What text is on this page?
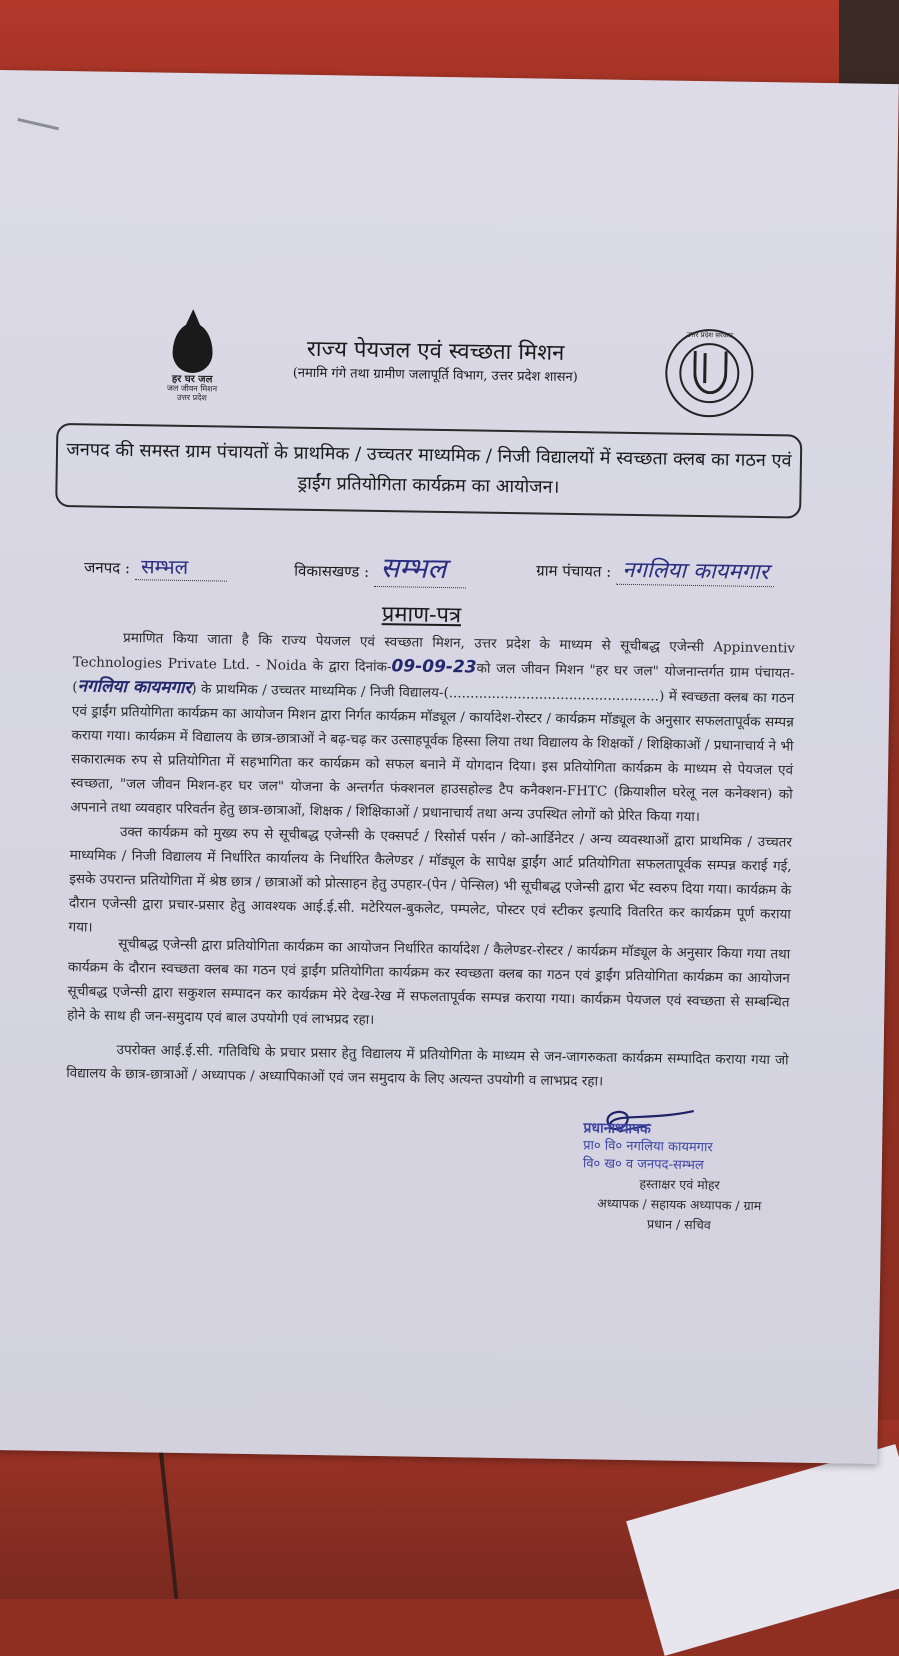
हर घर जल
जल जीवन मिशन
उत्तर प्रदेश
राज्य पेयजल एवं स्वच्छता मिशन
(नमामि गंगे तथा ग्रामीण जलापूर्ति विभाग, उत्तर प्रदेश शासन)
उत्तर प्रदेश सरकार
जनपद की समस्त ग्राम पंचायतों के प्राथमिक / उच्चतर माध्यमिक / निजी विद्यालयों में स्वच्छता क्लब का गठन एवं ड्राईंग प्रतियोगिता कार्यक्रम का आयोजन।
जनपद : सम्भल	विकासखण्ड : सम्भल	ग्राम पंचायत : नगलिया कायमगार
प्रमाण-पत्र
प्रमाणित किया जाता है कि राज्य पेयजल एवं स्वच्छता मिशन, उत्तर प्रदेश के माध्यम से सूचीबद्ध एजेन्सी Appinventiv Technologies Private Ltd. - Noida के द्वारा दिनांक-09-09-23को जल जीवन मिशन "हर घर जल" योजनान्तर्गत ग्राम पंचायत-(नगलिया कायमगार) के प्राथमिक / उच्चतर माध्यमिक / निजी विद्यालय-(.................................................) में स्वच्छता क्लब का गठन एवं ड्राईंग प्रतियोगिता कार्यक्रम का आयोजन मिशन द्वारा निर्गत कार्यक्रम मॉड्यूल / कार्यादेश-रोस्टर / कार्यक्रम मॉड्यूल के अनुसार सफलतापूर्वक सम्पन्न कराया गया। कार्यक्रम में विद्यालय के छात्र-छात्राओं ने बढ़-चढ़ कर उत्साहपूर्वक हिस्सा लिया तथा विद्यालय के शिक्षकों / शिक्षिकाओं / प्रधानाचार्य ने भी सकारात्मक रुप से प्रतियोगिता में सहभागिता कर कार्यक्रम को सफल बनाने में योगदान दिया। इस प्रतियोगिता कार्यक्रम के माध्यम से पेयजल एवं स्वच्छता, "जल जीवन मिशन-हर घर जल" योजना के अन्तर्गत फंक्शनल हाउसहोल्ड टैप कनैक्शन-FHTC (क्रियाशील घरेलू नल कनेक्शन) को अपनाने तथा व्यवहार परिवर्तन हेतु छात्र-छात्राओं, शिक्षक / शिक्षिकाओं / प्रधानाचार्य तथा अन्य उपस्थित लोगों को प्रेरित किया गया।
उक्त कार्यक्रम को मुख्य रुप से सूचीबद्ध एजेन्सी के एक्सपर्ट / रिसोर्स पर्सन / को-आर्डिनेटर / अन्य व्यवस्थाओं द्वारा प्राथमिक / उच्चतर माध्यमिक / निजी विद्यालय में निर्धारित कार्यालय के निर्धारित कैलेण्डर / मॉड्यूल के सापेक्ष ड्राईंग आर्ट प्रतियोगिता सफलतापूर्वक सम्पन्न कराई गई, इसके उपरान्त प्रतियोगिता में श्रेष्ठ छात्र / छात्राओं को प्रोत्साहन हेतु उपहार-(पेन / पेन्सिल) भी सूचीबद्ध एजेन्सी द्वारा भेंट स्वरुप दिया गया। कार्यक्रम के दौरान एजेन्सी द्वारा प्रचार-प्रसार हेतु आवश्यक आई.ई.सी. मटेरियल-बुकलेट, पम्पलेट, पोस्टर एवं स्टीकर इत्यादि वितरित कर कार्यक्रम पूर्ण कराया गया।
सूचीबद्ध एजेन्सी द्वारा प्रतियोगिता कार्यक्रम का आयोजन निर्धारित कार्यादेश / कैलेण्डर-रोस्टर / कार्यक्रम मॉड्यूल के अनुसार किया गया तथा कार्यक्रम के दौरान स्वच्छता क्लब का गठन एवं ड्राईंग प्रतियोगिता कार्यक्रम कर स्वच्छता क्लब का गठन एवं ड्राईंग प्रतियोगिता कार्यक्रम का आयोजन सूचीबद्ध एजेन्सी द्वारा सकुशल सम्पादन कर कार्यक्रम मेरे देख-रेख में सफलतापूर्वक सम्पन्न कराया गया। कार्यक्रम पेयजल एवं स्वच्छता से सम्बन्धित होने के साथ ही जन-समुदाय एवं बाल उपयोगी एवं लाभप्रद रहा।
उपरोक्त आई.ई.सी. गतिविधि के प्रचार प्रसार हेतु विद्यालय में प्रतियोगिता के माध्यम से जन-जागरुकता कार्यक्रम सम्पादित कराया गया जो विद्यालय के छात्र-छात्राओं / अध्यापक / अध्यापिकाओं एवं जन समुदाय के लिए अत्यन्त उपयोगी व लाभप्रद रहा।
प्रधानाध्यापक
प्रा० वि० नगलिया कायमगार
वि० ख० व जनपद-सम्भल
हस्ताक्षर एवं मोहर
अध्यापक / सहायक अध्यापक / ग्राम
प्रधान / सचिव
